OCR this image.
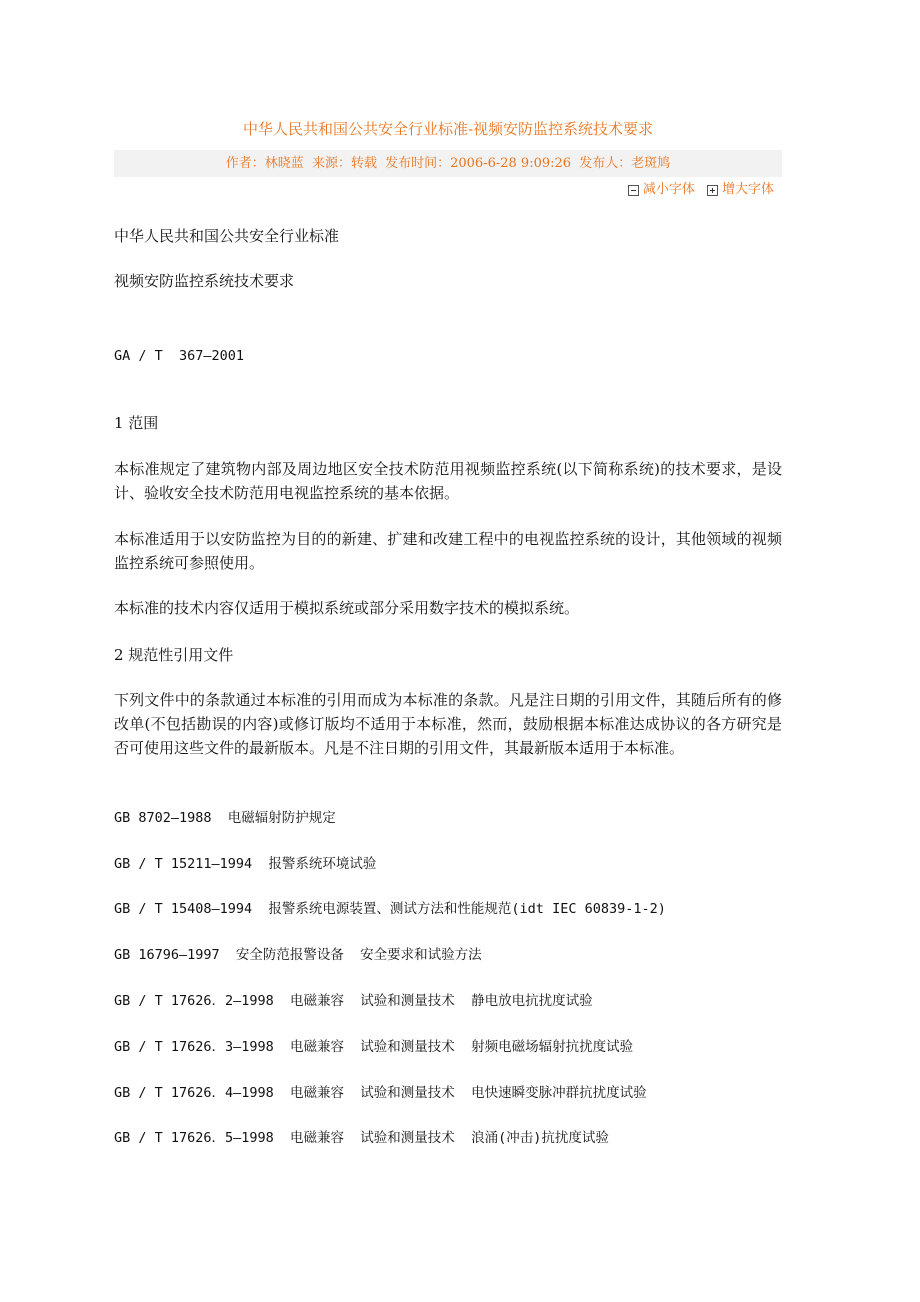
中华人民共和国公共安全行业标准-视频安防监控系统技术要求
作者：林晓蓝 来源：转载 发布时间：2006-6-28 9:09:26 发布人：老斑鸠
减小字体
增大字体

中华人民共和国公共安全行业标准

视频安防监控系统技术要求

GA / T  367—2001

1 范围

本标准规定了建筑物内部及周边地区安全技术防范用视频监控系统(以下简称系统)的技术要求，是设计、验收安全技术防范用电视监控系统的基本依据。

本标准适用于以安防监控为目的的新建、扩建和改建工程中的电视监控系统的设计，其他领域的视频监控系统可参照使用。

本标准的技术内容仅适用于模拟系统或部分采用数字技术的模拟系统。

2 规范性引用文件

下列文件中的条款通过本标准的引用而成为本标准的条款。凡是注日期的引用文件，其随后所有的修改单(不包括勘误的内容)或修订版均不适用于本标准，然而，鼓励根据本标准达成协议的各方研究是否可使用这些文件的最新版本。凡是不注日期的引用文件，其最新版本适用于本标准。

GB 8702—1988  电磁辐射防护规定

GB / T 15211—1994  报警系统环境试验

GB / T 15408—1994  报警系统电源装置、测试方法和性能规范(idt IEC 60839-1-2)

GB 16796—1997  安全防范报警设备  安全要求和试验方法

GB / T 17626．2—1998  电磁兼容  试验和测量技术  静电放电抗扰度试验

GB / T 17626．3—1998  电磁兼容  试验和测量技术  射频电磁场辐射抗扰度试验

GB / T 17626．4—1998  电磁兼容  试验和测量技术  电快速瞬变脉冲群抗扰度试验

GB / T 17626．5—1998  电磁兼容  试验和测量技术  浪涌(冲击)抗扰度试验
